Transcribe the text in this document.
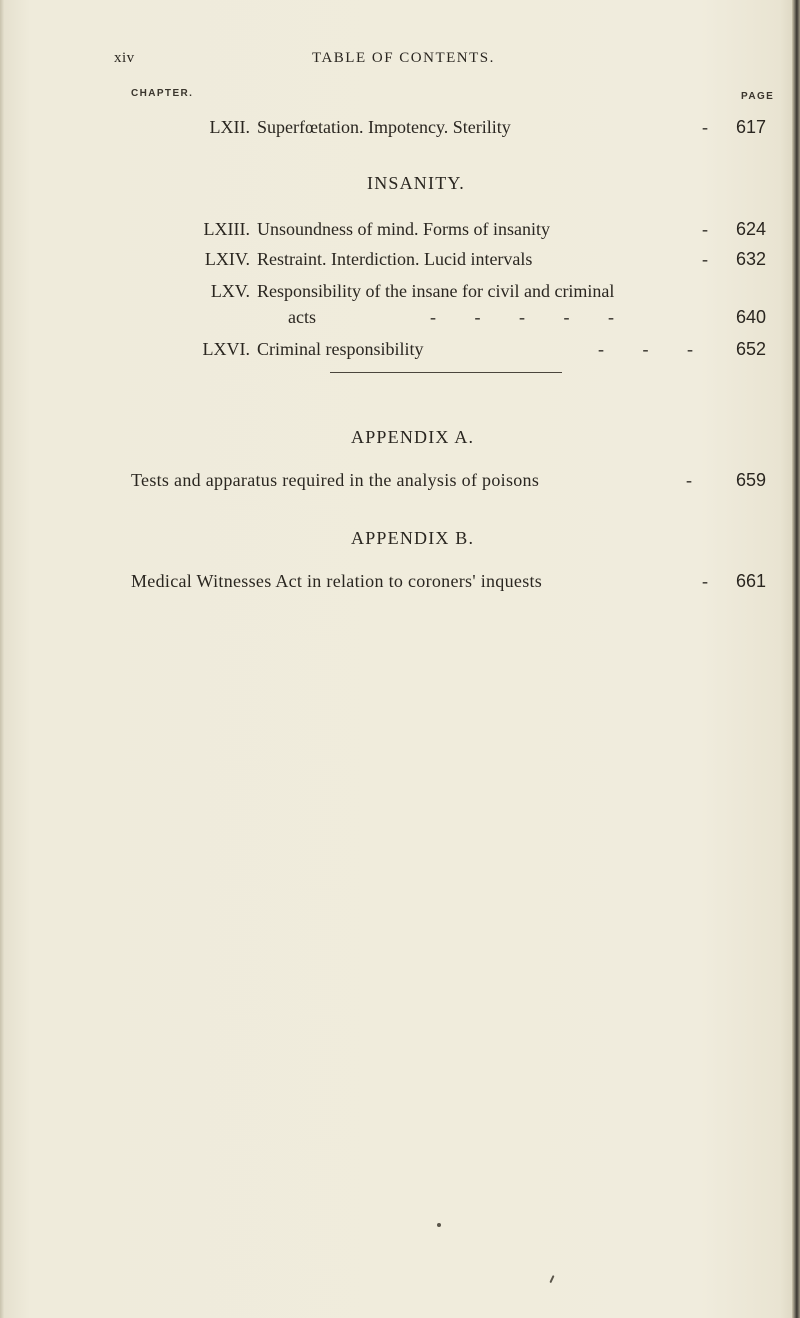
xiv	TABLE OF CONTENTS.
CHAPTER.	PAGE
LXII. Superfœtation. Impotency. Sterility	-	617
INSANITY.
LXIII. Unsoundness of mind. Forms of insanity	-	624
LXIV. Restraint. Interdiction. Lucid intervals	-	632
LXV. Responsibility of the insane for civil and criminal
acts	- - - - -	640
LXVI. Criminal responsibility	- - -	652
APPENDIX A.
Tests and apparatus required in the analysis of poisons	-	659
APPENDIX B.
Medical Witnesses Act in relation to coroners' inquests	-	661
